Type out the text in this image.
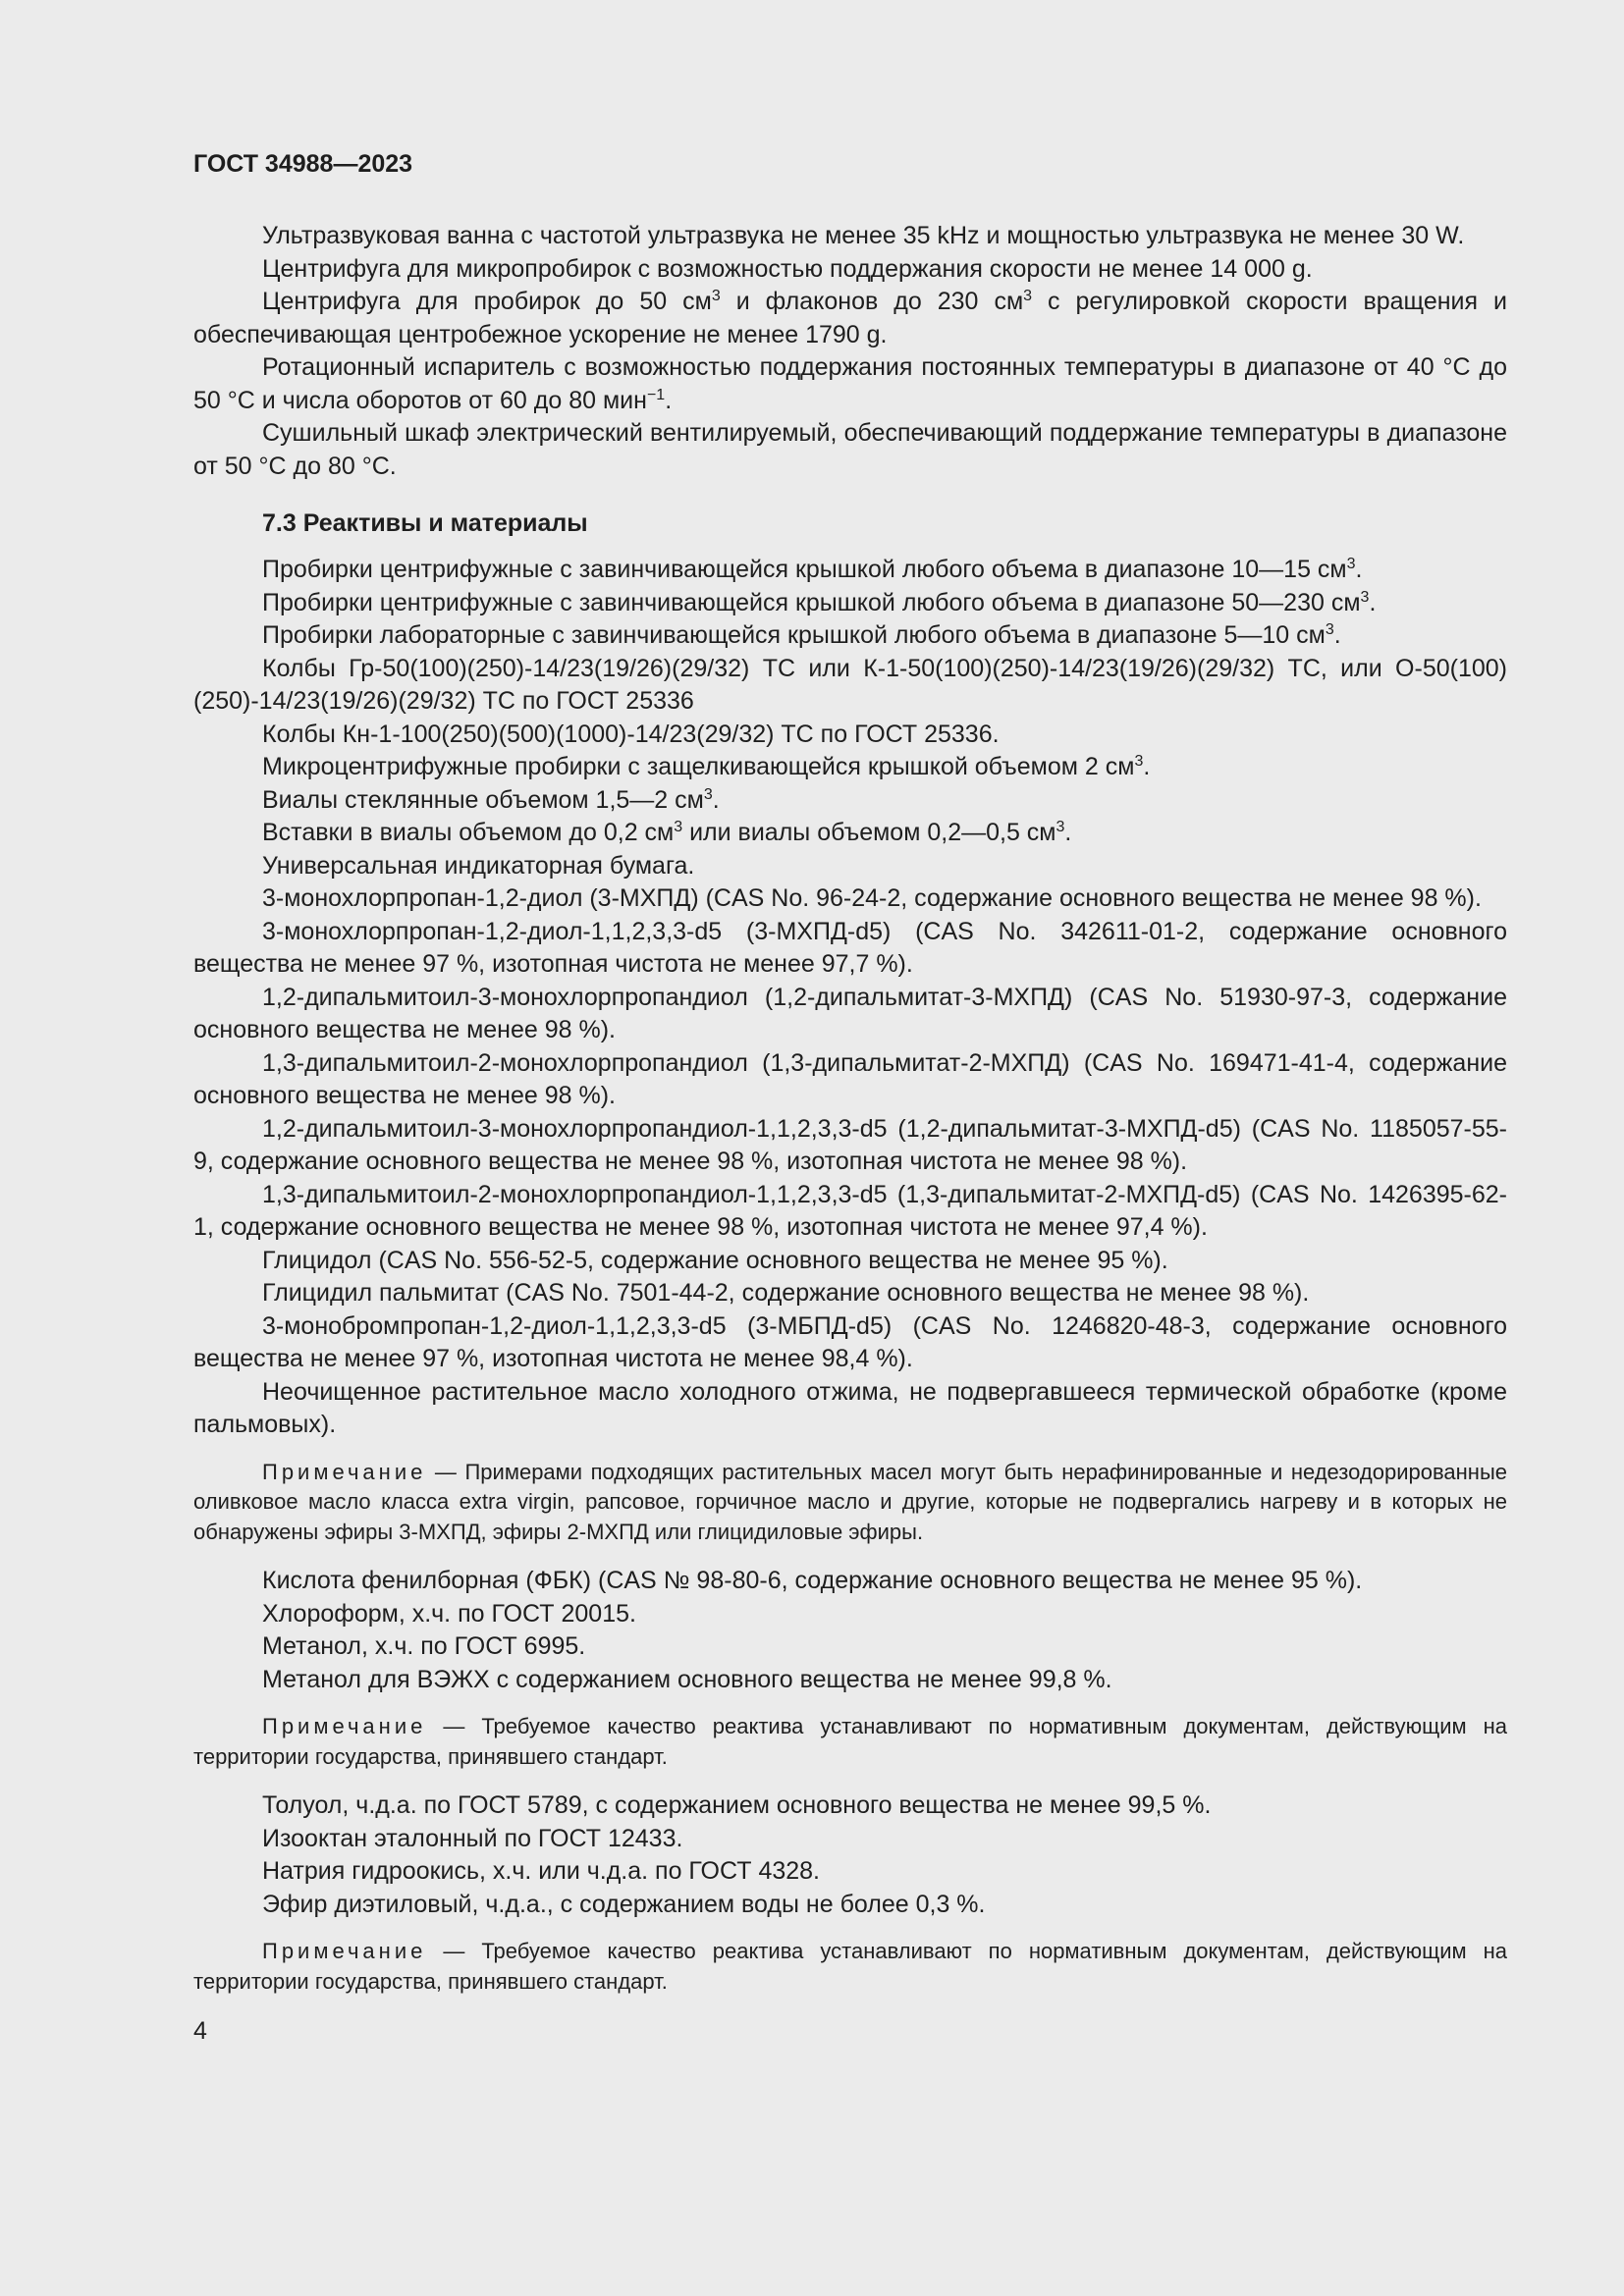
ГОСТ 34988—2023

Ультразвуковая ванна с частотой ультразвука не менее 35 kHz и мощностью ультразвука не менее 30 W.

Центрифуга для микропробирок с возможностью поддержания скорости не менее 14 000 g.

Центрифуга для пробирок до 50 $см^3$ и флаконов до 230 $см^3$ с регулировкой скорости вращения и обеспечивающая центробежное ускорение не менее 1790 g.

Ротационный испаритель с возможностью поддержания постоянных температуры в диапазоне от 40 °С до 50 °С и числа оборотов от 60 до 80 мин$^{-1}$.

Сушильный шкаф электрический вентилируемый, обеспечивающий поддержание температуры в диапазоне от 50 °С до 80 °С.

7.3 Реактивы и материалы

Пробирки центрифужные с завинчивающейся крышкой любого объема в диапазоне 10—15 $см^3$.

Пробирки центрифужные с завинчивающейся крышкой любого объема в диапазоне 50—230 $см^3$.

Пробирки лабораторные с завинчивающейся крышкой любого объема в диапазоне 5—10 $см^3$.

Колбы Гр-50(100)(250)-14/23(19/26)(29/32) ТС или К-1-50(100)(250)-14/23(19/26)(29/32) ТС, или О-50(100)(250)-14/23(19/26)(29/32) ТС по ГОСТ 25336

Колбы Кн-1-100(250)(500)(1000)-14/23(29/32) ТС по ГОСТ 25336.

Микроцентрифужные пробирки с защелкивающейся крышкой объемом 2 $см^3$.

Виалы стеклянные объемом 1,5—2 $см^3$.

Вставки в виалы объемом до 0,2 $см^3$ или виалы объемом 0,2—0,5 $см^3$.

Универсальная индикаторная бумага.

3-монохлорпропан-1,2-диол (3-МХПД) (CAS No. 96-24-2, содержание основного вещества не менее 98 %).

3-монохлорпропан-1,2-диол-1,1,2,3,3-d5 (3-МХПД-d5) (CAS No. 342611-01-2, содержание основного вещества не менее 97 %, изотопная чистота не менее 97,7 %).

1,2-дипальмитоил-3-монохлорпропандиол (1,2-дипальмитат-3-МХПД) (CAS No. 51930-97-3, содержание основного вещества не менее 98 %).

1,3-дипальмитоил-2-монохлорпропандиол (1,3-дипальмитат-2-МХПД) (CAS No. 169471-41-4, содержание основного вещества не менее 98 %).

1,2-дипальмитоил-3-монохлорпропандиол-1,1,2,3,3-d5 (1,2-дипальмитат-3-МХПД-d5) (CAS No. 1185057-55-9, содержание основного вещества не менее 98 %, изотопная чистота не менее 98 %).

1,3-дипальмитоил-2-монохлорпропандиол-1,1,2,3,3-d5 (1,3-дипальмитат-2-МХПД-d5) (CAS No. 1426395-62-1, содержание основного вещества не менее 98 %, изотопная чистота не менее 97,4 %).

Глицидол (CAS No. 556-52-5, содержание основного вещества не менее 95 %).

Глицидил пальмитат (CAS No. 7501-44-2, содержание основного вещества не менее 98 %).

3-монобромпропан-1,2-диол-1,1,2,3,3-d5 (3-МБПД-d5) (CAS No. 1246820-48-3, содержание основного вещества не менее 97 %, изотопная чистота не менее 98,4 %).

Неочищенное растительное масло холодного отжима, не подвергавшееся термической обработке (кроме пальмовых).

Примечание — Примерами подходящих растительных масел могут быть нерафинированные и недезодорированные оливковое масло класса extra virgin, рапсовое, горчичное масло и другие, которые не подвергались нагреву и в которых не обнаружены эфиры 3-МХПД, эфиры 2-МХПД или глицидиловые эфиры.

Кислота фенилборная (ФБК) (CAS № 98-80-6, содержание основного вещества не менее 95 %).

Хлороформ, х.ч. по ГОСТ 20015.

Метанол, х.ч. по ГОСТ 6995.

Метанол для ВЭЖХ с содержанием основного вещества не менее 99,8 %.

Примечание — Требуемое качество реактива устанавливают по нормативным документам, действующим на территории государства, принявшего стандарт.

Толуол, ч.д.а. по ГОСТ 5789, с содержанием основного вещества не менее 99,5 %.

Изооктан эталонный по ГОСТ 12433.

Натрия гидроокись, х.ч. или ч.д.а. по ГОСТ 4328.

Эфир диэтиловый, ч.д.а., с содержанием воды не более 0,3 %.

Примечание — Требуемое качество реактива устанавливают по нормативным документам, действующим на территории государства, принявшего стандарт.

4
